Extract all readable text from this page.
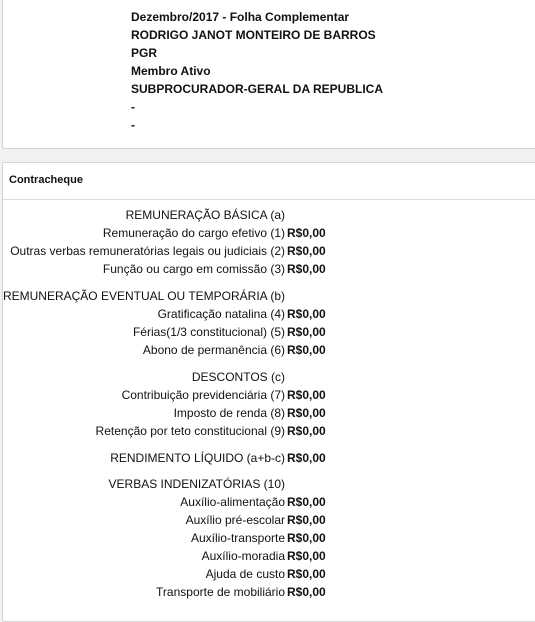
Dezembro/2017 - Folha Complementar
RODRIGO JANOT MONTEIRO DE BARROS
PGR
Membro Ativo
SUBPROCURADOR-GERAL DA REPUBLICA
-
-
Contracheque
REMUNERAÇÃO BÁSICA (a)
Remuneração do cargo efetivo (1) R$0,00
Outras verbas remuneratórias legais ou judiciais (2) R$0,00
Função ou cargo em comissão (3) R$0,00
REMUNERAÇÃO EVENTUAL OU TEMPORÁRIA (b)
Gratificação natalina (4) R$0,00
Férias(1/3 constitucional) (5) R$0,00
Abono de permanência (6) R$0,00
DESCONTOS (c)
Contribuição previdenciária (7) R$0,00
Imposto de renda (8) R$0,00
Retenção por teto constitucional (9) R$0,00
RENDIMENTO LÍQUIDO (a+b-c) R$0,00
VERBAS INDENIZATÓRIAS (10)
Auxílio-alimentação R$0,00
Auxílio pré-escolar R$0,00
Auxílio-transporte R$0,00
Auxílio-moradia R$0,00
Ajuda de custo R$0,00
Transporte de mobiliário R$0,00
